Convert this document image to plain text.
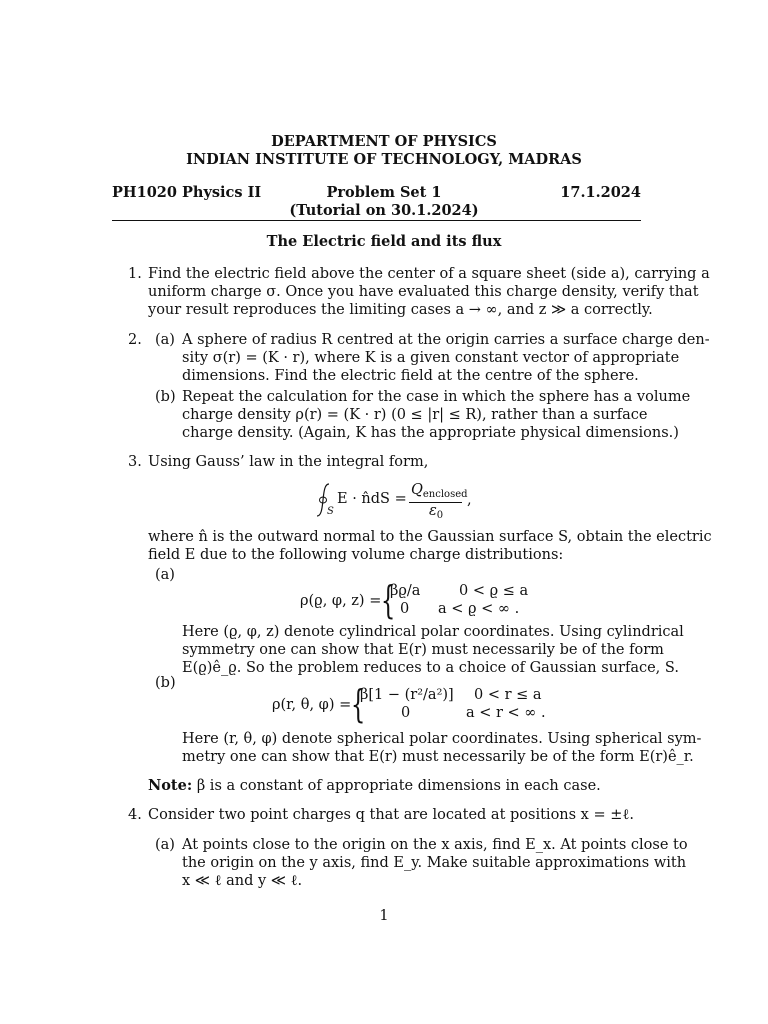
DEPARTMENT OF PHYSICS
INDIAN INSTITUTE OF TECHNOLOGY, MADRAS
PH1020 Physics II	Problem Set 1	17.1.2024
(Tutorial on 30.1.2024)
The Electric field and its flux
1. Find the electric field above the center of a square sheet (side a), carrying a
uniform charge σ. Once you have evaluated this charge density, verify that
your result reproduces the limiting cases a → ∞, and z ≫ a correctly.
2. (a) A sphere of radius R centred at the origin carries a surface charge den-
sity σ(r) = (K · r), where K is a given constant vector of appropriate
dimensions. Find the electric field at the centre of the sphere.
(b) Repeat the calculation for the case in which the sphere has a volume
charge density ρ(r) = (K · r) (0 ≤ |r| ≤ R), rather than a surface
charge density. (Again, K has the appropriate physical dimensions.)
3. Using Gauss’ law in the integral form,
S
E · n̂dS =
$Q_{enclosed}$
$\varepsilon_0$
,
where n̂ is the outward normal to the Gaussian surface S, obtain the electric
field E due to the following volume charge distributions:
(a)
ρ(ϱ, φ, z) = {
βϱ/a	0 < ϱ ≤ a
0 a < ϱ < ∞ .
Here (ϱ, φ, z) denote cylindrical polar coordinates. Using cylindrical
symmetry one can show that E(r) must necessarily be of the form
E(ϱ)ê_ϱ. So the problem reduces to a choice of Gaussian surface, S.
(b)
ρ(r, θ, φ) = {
β[1 − (r²/a²)] 0 < r ≤ a
0	a < r < ∞ .
Here (r, θ, φ) denote spherical polar coordinates. Using spherical sym-
metry one can show that E(r) must necessarily be of the form E(r)ê_r.
Note: β is a constant of appropriate dimensions in each case.
4. Consider two point charges q that are located at positions x = ±ℓ.
(a) At points close to the origin on the x axis, find E_x. At points close to
the origin on the y axis, find E_y. Make suitable approximations with
x ≪ ℓ and y ≪ ℓ.
1
